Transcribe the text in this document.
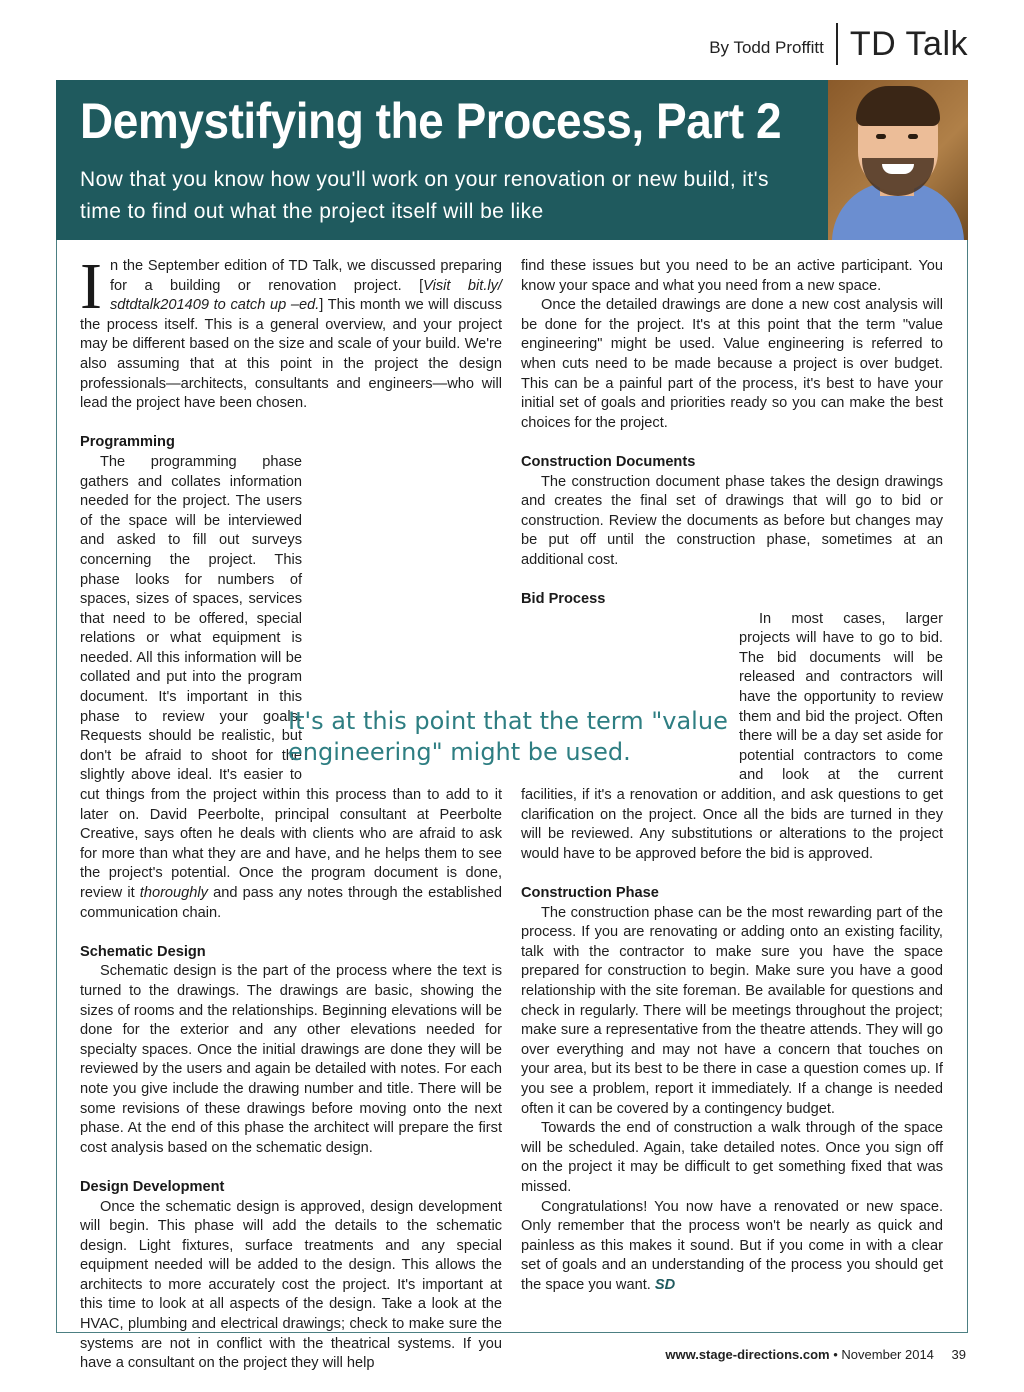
By Todd Proffitt TD Talk
Demystifying the Process, Part 2

Now that you know how you'll work on your renovation or new build, it's time to find out what the project itself will be like

In the September edition of TD Talk, we discussed preparing for a building or renovation project. [Visit bit.ly/ sdtdtalk201409 to catch up –ed.] This month we will discuss the process itself. This is a general overview, and your project may be different based on the size and scale of your build. We're also assuming that at this point in the project the design professionals—architects, consultants and engineers—who will lead the project have been chosen.

Programming

The programming phase gathers and collates information needed for the project. The users of the space will be interviewed and asked to fill out surveys concerning the project. This phase looks for numbers of spaces, sizes of spaces, services that need to be offered, special relations or what equipment is needed. All this information will be collated and put into the program document. It's important in this phase to review your goals. Requests should be realistic, but don't be afraid to shoot for the slightly above ideal. It's easier to cut things from the project within this process than to add to it later on. David Peerbolte, principal consultant at Peerbolte Creative, says often he deals with clients who are afraid to ask for more than what they are and have, and he helps them to see the project's potential. Once the program document is done, review it thoroughly and pass any notes through the established communication chain.

Schematic Design

Schematic design is the part of the process where the text is turned to the drawings. The drawings are basic, showing the sizes of rooms and the relationships. Beginning elevations will be done for the exterior and any other elevations needed for specialty spaces. Once the initial drawings are done they will be reviewed by the users and again be detailed with notes. For each note you give include the drawing number and title. There will be some revisions of these drawings before moving onto the next phase. At the end of this phase the architect will prepare the first cost analysis based on the schematic design.

Design Development

Once the schematic design is approved, design development will begin. This phase will add the details to the schematic design. Light fixtures, surface treatments and any special equipment needed will be added to the design. This allows the architects to more accurately cost the project. It's important at this time to look at all aspects of the design. Take a look at the HVAC, plumbing and electrical drawings; check to make sure the systems are not in conflict with the theatrical systems. If you have a consultant on the project they will help

find these issues but you need to be an active participant. You know your space and what you need from a new space.

Once the detailed drawings are done a new cost analysis will be done for the project. It's at this point that the term "value engineering" might be used. Value engineering is referred to when cuts need to be made because a project is over budget. This can be a painful part of the process, it's best to have your initial set of goals and priorities ready so you can make the best choices for the project.

Construction Documents

The construction document phase takes the design drawings and creates the final set of drawings that will go to bid or construction. Review the documents as before but changes may be put off until the construction phase, sometimes at an additional cost.

Bid Process

In most cases, larger projects will have to go to bid. The bid documents will be released and contractors will have the opportunity to review them and bid the project. Often there will be a day set aside for potential contractors to come and look at the current facilities, if it's a renovation or addition, and ask questions to get clarification on the project. Once all the bids are turned in they will be reviewed. Any substitutions or alterations to the project would have to be approved before the bid is approved.

Construction Phase

The construction phase can be the most rewarding part of the process. If you are renovating or adding onto an existing facility, talk with the contractor to make sure you have the space prepared for construction to begin. Make sure you have a good relationship with the site foreman. Be available for questions and check in regularly. There will be meetings throughout the project; make sure a representative from the theatre attends. They will go over everything and may not have a concern that touches on your area, but its best to be there in case a question comes up. If you see a problem, report it immediately. If a change is needed often it can be covered by a contingency budget.

Towards the end of construction a walk through of the space will be scheduled. Again, take detailed notes. Once you sign off on the project it may be difficult to get something fixed that was missed.

Congratulations! You now have a renovated or new space. Only remember that the process won't be nearly as quick and painless as this makes it sound. But if you come in with a clear set of goals and an understanding of the process you should get the space you want. SD

It's at this point that the term "value engineering" might be used.

www.stage-directions.com • November 2014 39
